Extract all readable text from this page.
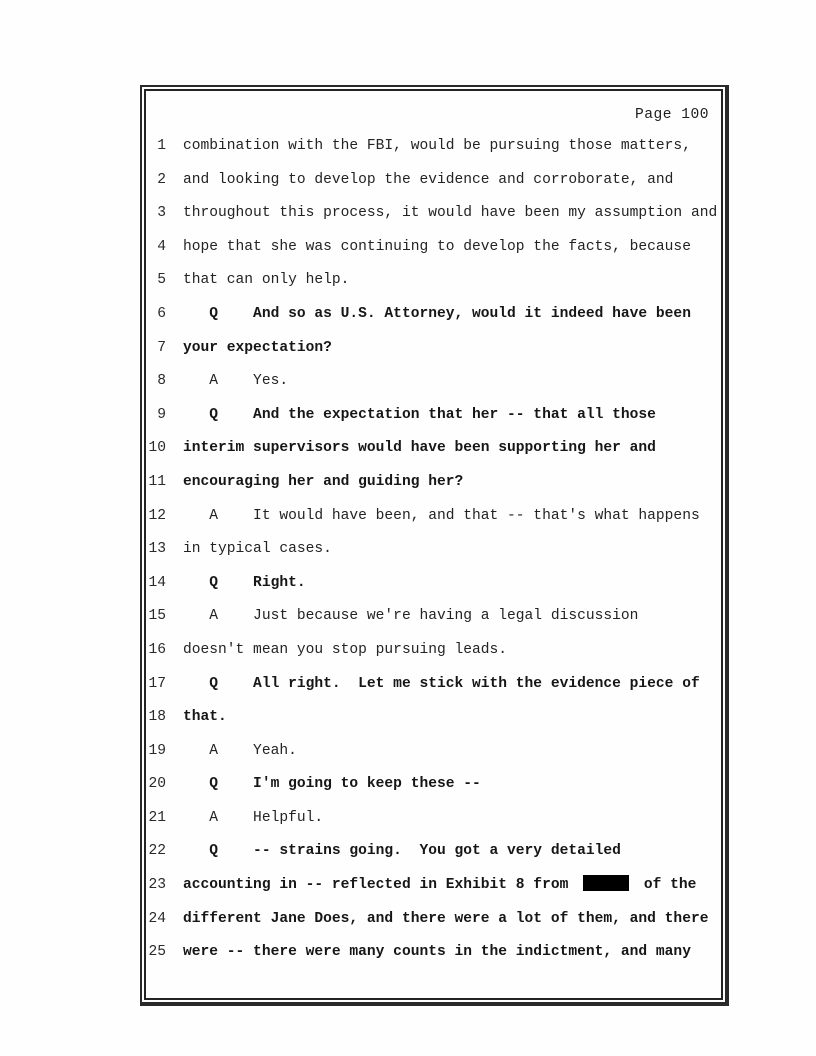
Page 100
1 combination with the FBI, would be pursuing those matters,
2 and looking to develop the evidence and corroborate, and
3 throughout this process, it would have been my assumption and
4 hope that she was continuing to develop the facts, because
5 that can only help.
6 Q    And so as U.S. Attorney, would it indeed have been
7 your expectation?
8 A    Yes.
9 Q    And the expectation that her -- that all those
10 interim supervisors would have been supporting her and
11 encouraging her and guiding her?
12 A    It would have been, and that -- that's what happens
13 in typical cases.
14 Q    Right.
15 A    Just because we're having a legal discussion
16 doesn't mean you stop pursuing leads.
17 Q    All right.  Let me stick with the evidence piece of
18 that.
19 A    Yeah.
20 Q    I'm going to keep these --
21 A    Helpful.
22 Q    -- strains going.  You got a very detailed
23 accounting in -- reflected in Exhibit 8 from	of the
24 different Jane Does, and there were a lot of them, and there
25 were -- there were many counts in the indictment, and many
